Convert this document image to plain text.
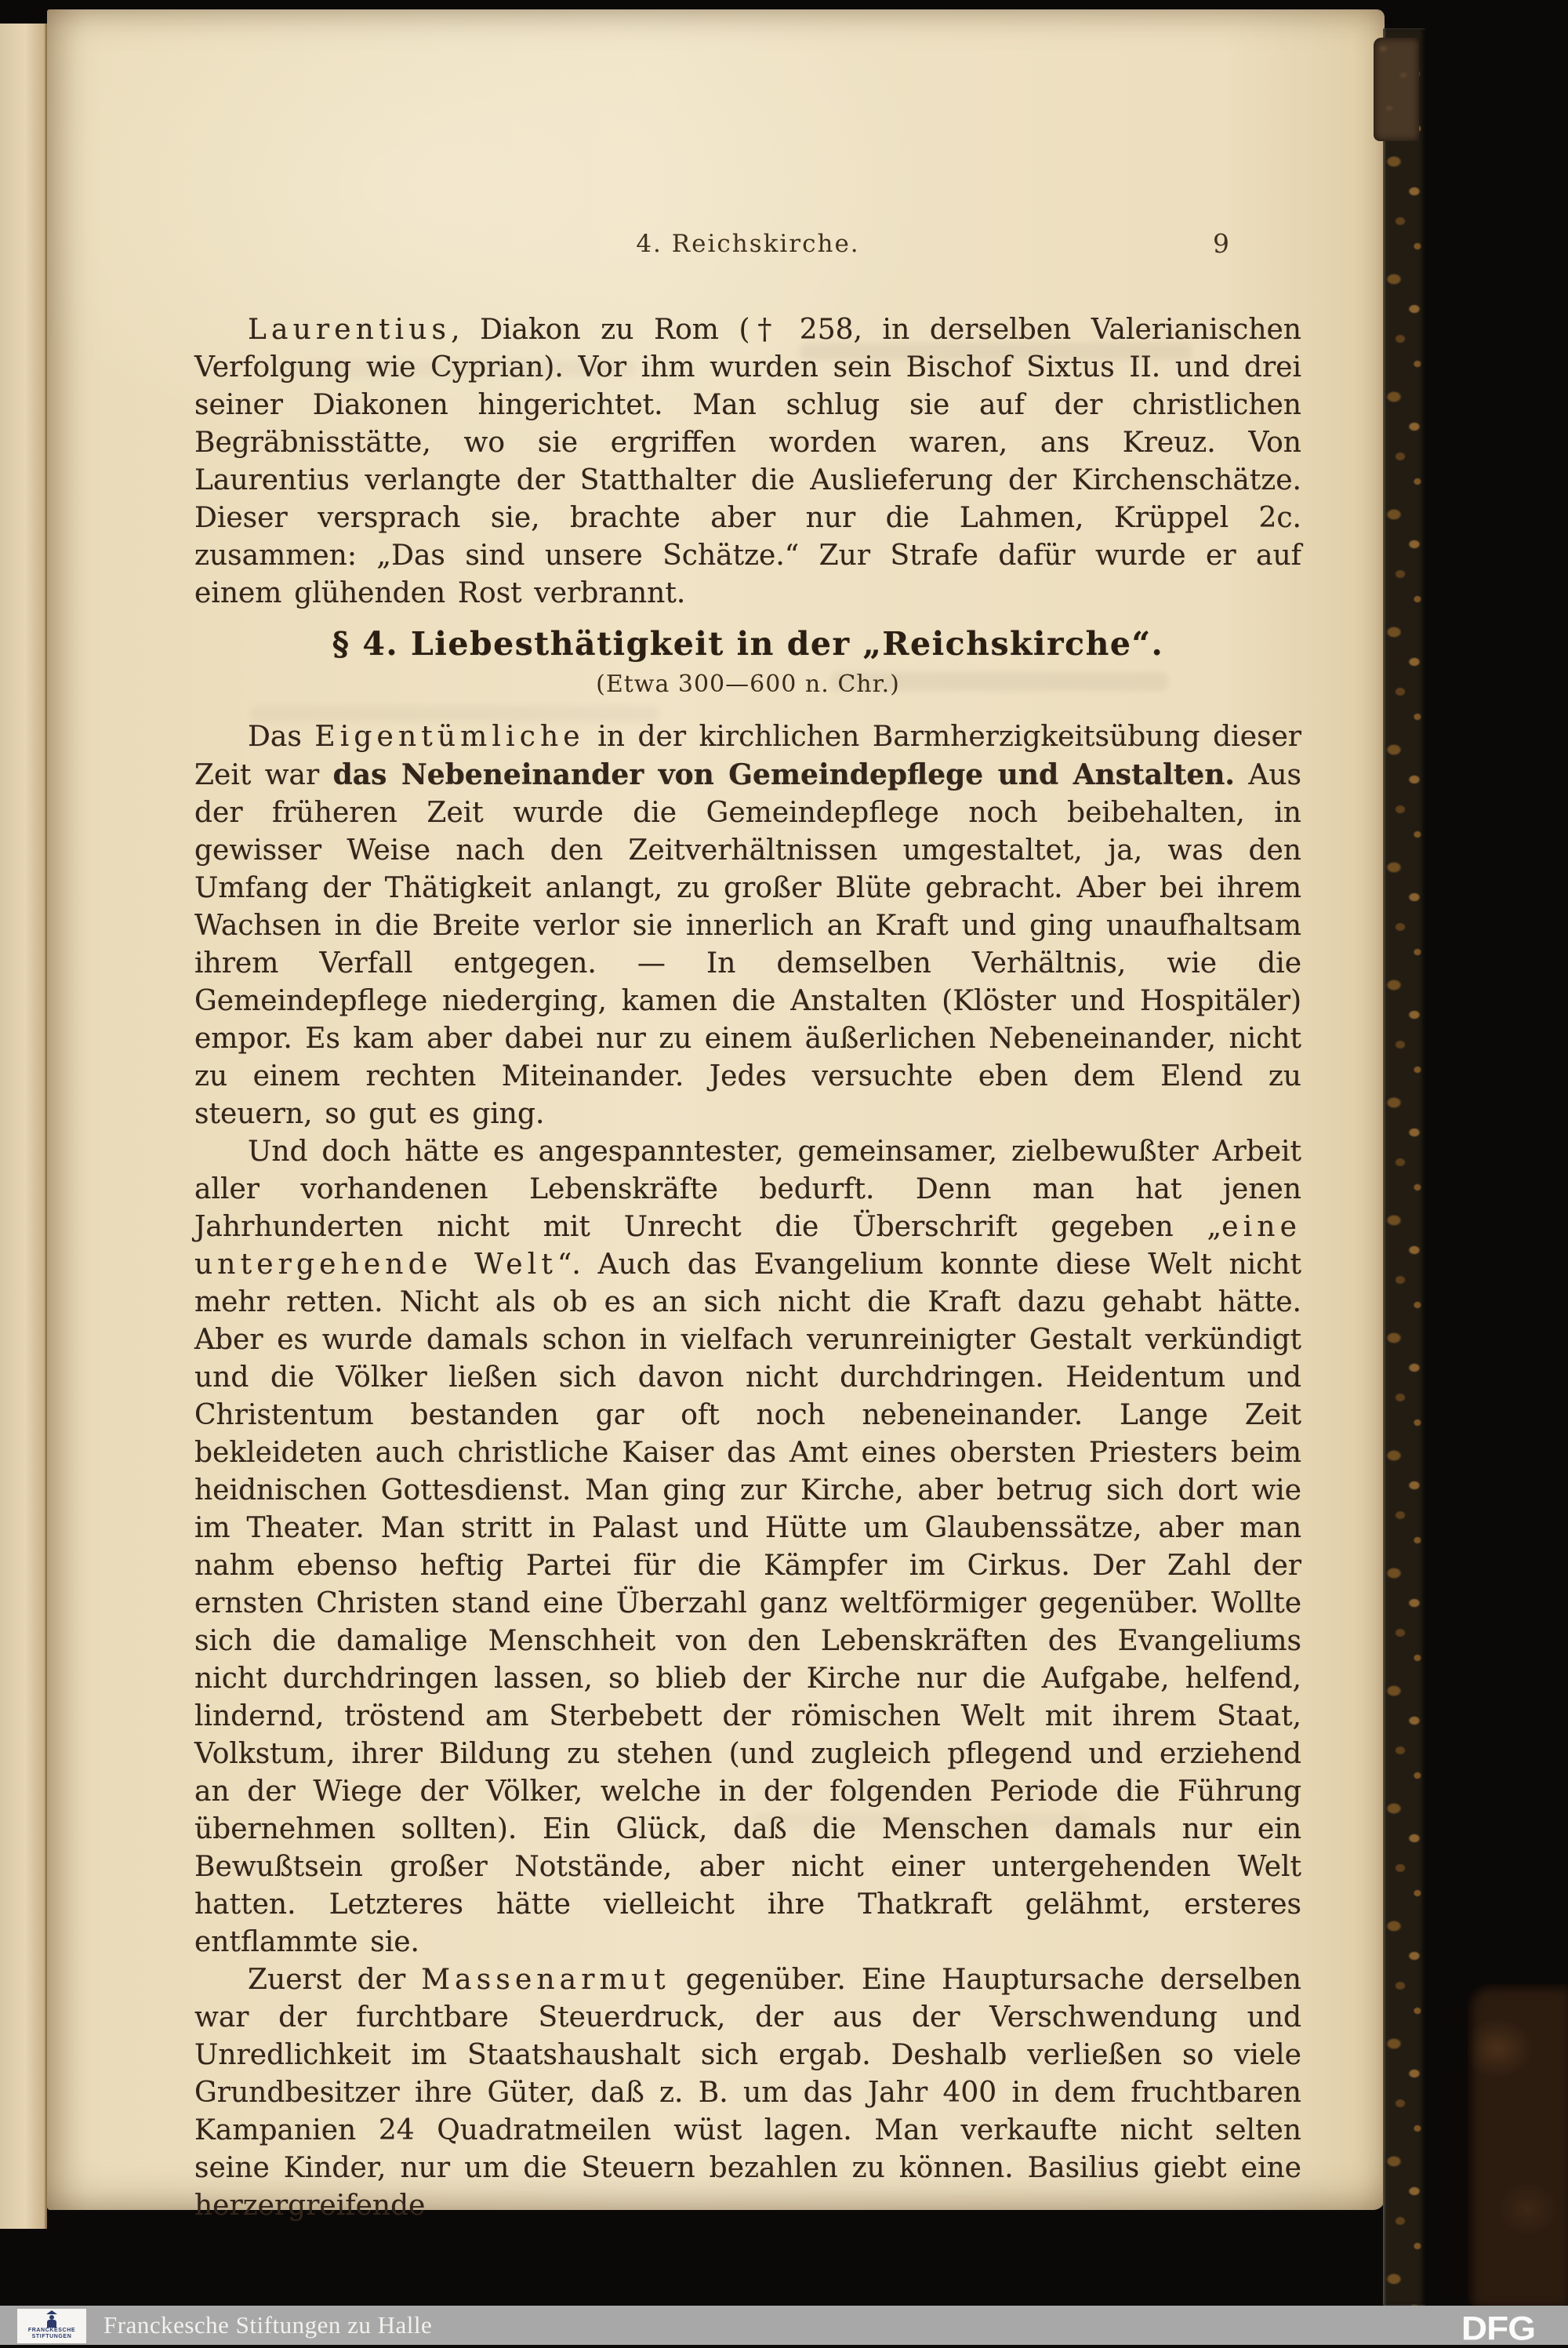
4. Reichskirche.	9

Laurentius, Diakon zu Rom († 258, in derselben Valerianischen Verfolgung wie Cyprian). Vor ihm wurden sein Bischof Sixtus II. und drei seiner Diakonen hingerichtet. Man schlug sie auf der christlichen Begräbnisstätte, wo sie ergriffen worden waren, ans Kreuz. Von Laurentius verlangte der Statthalter die Auslieferung der Kirchenschätze. Dieser versprach sie, brachte aber nur die Lahmen, Krüppel 2c. zusammen: „Das sind unsere Schätze.“ Zur Strafe dafür wurde er auf einem glühenden Rost verbrannt.

§ 4. Liebesthätigkeit in der „Reichskirche“.
(Etwa 300—600 n. Chr.)

Das Eigentümliche in der kirchlichen Barmherzigkeitsübung dieser Zeit war das Nebeneinander von Gemeindepflege und Anstalten. Aus der früheren Zeit wurde die Gemeindepflege noch beibehalten, in gewisser Weise nach den Zeitverhältnissen umgestaltet, ja, was den Umfang der Thätigkeit anlangt, zu großer Blüte gebracht. Aber bei ihrem Wachsen in die Breite verlor sie innerlich an Kraft und ging unaufhaltsam ihrem Verfall entgegen. — In demselben Verhältnis, wie die Gemeindepflege niederging, kamen die Anstalten (Klöster und Hospitäler) empor. Es kam aber dabei nur zu einem äußerlichen Nebeneinander, nicht zu einem rechten Miteinander. Jedes versuchte eben dem Elend zu steuern, so gut es ging.

Und doch hätte es angespanntester, gemeinsamer, zielbewußter Arbeit aller vorhandenen Lebenskräfte bedurft. Denn man hat jenen Jahrhunderten nicht mit Unrecht die Überschrift gegeben „eine untergehende Welt“. Auch das Evangelium konnte diese Welt nicht mehr retten. Nicht als ob es an sich nicht die Kraft dazu gehabt hätte. Aber es wurde damals schon in vielfach verunreinigter Gestalt verkündigt und die Völker ließen sich davon nicht durchdringen. Heidentum und Christentum bestanden gar oft noch nebeneinander. Lange Zeit bekleideten auch christliche Kaiser das Amt eines obersten Priesters beim heidnischen Gottesdienst. Man ging zur Kirche, aber betrug sich dort wie im Theater. Man stritt in Palast und Hütte um Glaubenssätze, aber man nahm ebenso heftig Partei für die Kämpfer im Cirkus. Der Zahl der ernsten Christen stand eine Überzahl ganz weltförmiger gegenüber. Wollte sich die damalige Menschheit von den Lebenskräften des Evangeliums nicht durchdringen lassen, so blieb der Kirche nur die Aufgabe, helfend, lindernd, tröstend am Sterbebett der römischen Welt mit ihrem Staat, Volkstum, ihrer Bildung zu stehen (und zugleich pflegend und erziehend an der Wiege der Völker, welche in der folgenden Periode die Führung übernehmen sollten). Ein Glück, daß die Menschen damals nur ein Bewußtsein großer Notstände, aber nicht einer untergehenden Welt hatten. Letzteres hätte vielleicht ihre Thatkraft gelähmt, ersteres entflammte sie.

Zuerst der Massenarmut gegenüber. Eine Hauptursache derselben war der furchtbare Steuerdruck, der aus der Verschwendung und Unredlichkeit im Staatshaushalt sich ergab. Deshalb verließen so viele Grundbesitzer ihre Güter, daß z. B. um das Jahr 400 in dem fruchtbaren Kampanien 24 Quadratmeilen wüst lagen. Man verkaufte nicht selten seine Kinder, nur um die Steuern bezahlen zu können. Basilius giebt eine herzergreifende

FRANCKESCHE
STIFTUNGEN Franckesche Stiftungen zu Halle	DFG
